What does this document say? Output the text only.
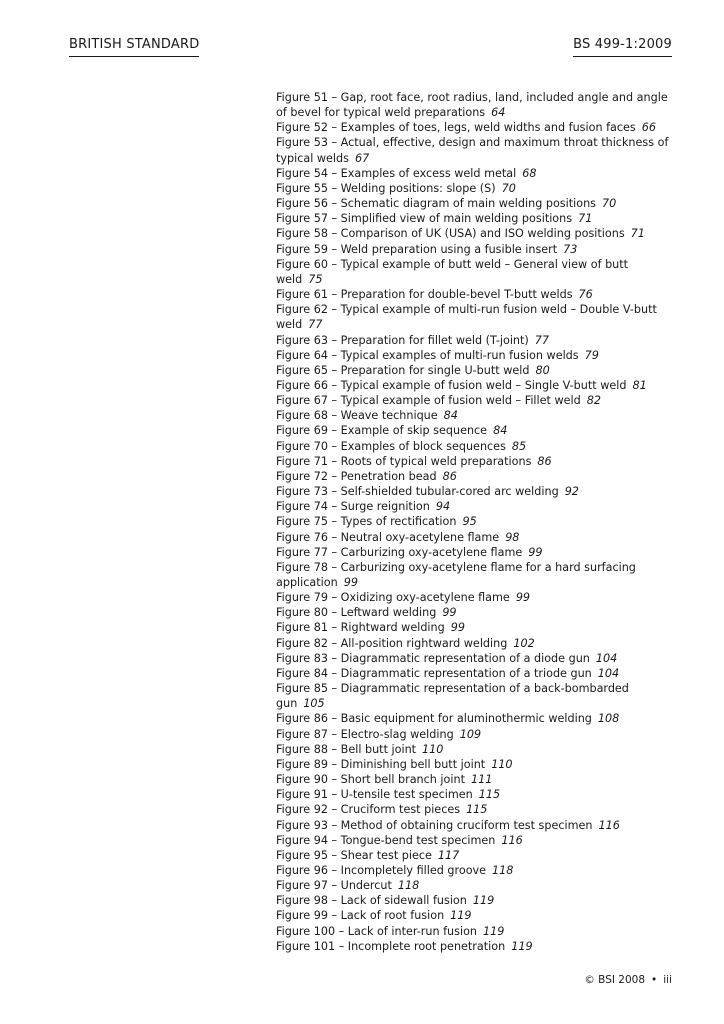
BRITISH STANDARD	BS 499-1:2009
Figure 51 – Gap, root face, root radius, land, included angle and angle of bevel for typical weld preparations 64
Figure 52 – Examples of toes, legs, weld widths and fusion faces 66
Figure 53 – Actual, effective, design and maximum throat thickness of typical welds 67
Figure 54 – Examples of excess weld metal 68
Figure 55 – Welding positions: slope (S) 70
Figure 56 – Schematic diagram of main welding positions 70
Figure 57 – Simplified view of main welding positions 71
Figure 58 – Comparison of UK (USA) and ISO welding positions 71
Figure 59 – Weld preparation using a fusible insert 73
Figure 60 – Typical example of butt weld – General view of butt weld 75
Figure 61 – Preparation for double-bevel T-butt welds 76
Figure 62 – Typical example of multi-run fusion weld – Double V-butt weld 77
Figure 63 – Preparation for fillet weld (T-joint) 77
Figure 64 – Typical examples of multi-run fusion welds 79
Figure 65 – Preparation for single U-butt weld 80
Figure 66 – Typical example of fusion weld – Single V-butt weld 81
Figure 67 – Typical example of fusion weld – Fillet weld 82
Figure 68 – Weave technique 84
Figure 69 – Example of skip sequence 84
Figure 70 – Examples of block sequences 85
Figure 71 – Roots of typical weld preparations 86
Figure 72 – Penetration bead 86
Figure 73 – Self-shielded tubular-cored arc welding 92
Figure 74 – Surge reignition 94
Figure 75 – Types of rectification 95
Figure 76 – Neutral oxy-acetylene flame 98
Figure 77 – Carburizing oxy-acetylene flame 99
Figure 78 – Carburizing oxy-acetylene flame for a hard surfacing application 99
Figure 79 – Oxidizing oxy-acetylene flame 99
Figure 80 – Leftward welding 99
Figure 81 – Rightward welding 99
Figure 82 – All-position rightward welding 102
Figure 83 – Diagrammatic representation of a diode gun 104
Figure 84 – Diagrammatic representation of a triode gun 104
Figure 85 – Diagrammatic representation of a back-bombarded gun 105
Figure 86 – Basic equipment for aluminothermic welding 108
Figure 87 – Electro-slag welding 109
Figure 88 – Bell butt joint 110
Figure 89 – Diminishing bell butt joint 110
Figure 90 – Short bell branch joint 111
Figure 91 – U-tensile test specimen 115
Figure 92 – Cruciform test pieces 115
Figure 93 – Method of obtaining cruciform test specimen 116
Figure 94 – Tongue-bend test specimen 116
Figure 95 – Shear test piece 117
Figure 96 – Incompletely filled groove 118
Figure 97 – Undercut 118
Figure 98 – Lack of sidewall fusion 119
Figure 99 – Lack of root fusion 119
Figure 100 – Lack of inter-run fusion 119
Figure 101 – Incomplete root penetration 119
© BSI 2008 • iii
